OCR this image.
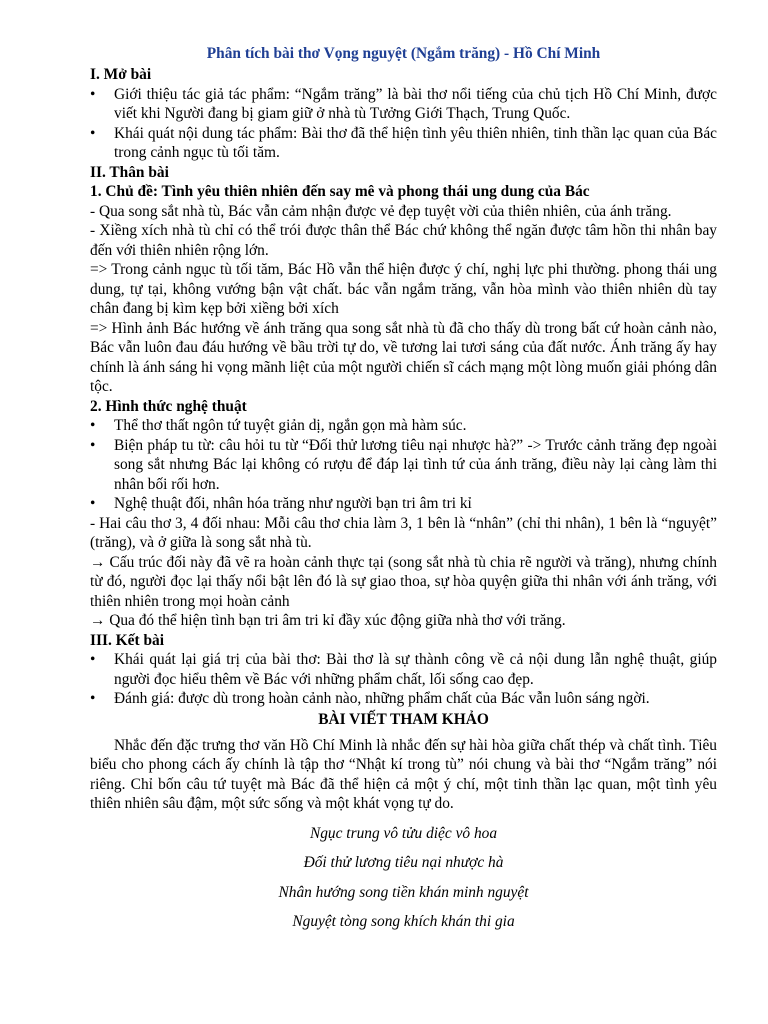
Phân tích bài thơ Vọng nguyệt (Ngắm trăng) - Hồ Chí Minh
I. Mở bài
• Giới thiệu tác giả tác phẩm: “Ngắm trăng” là bài thơ nổi tiếng của chủ tịch Hồ Chí Minh, được viết khi Người đang bị giam giữ ở nhà tù Tưởng Giới Thạch, Trung Quốc.
• Khái quát nội dung tác phẩm: Bài thơ đã thể hiện tình yêu thiên nhiên, tinh thần lạc quan của Bác trong cảnh ngục tù tối tăm.
II. Thân bài
1. Chủ đề: Tình yêu thiên nhiên đến say mê và phong thái ung dung của Bác

- Qua song sắt nhà tù, Bác vẫn cảm nhận được vẻ đẹp tuyệt vời của thiên nhiên, của ánh trăng.

- Xiềng xích nhà tù chỉ có thể trói được thân thể Bác chứ không thể ngăn được tâm hồn thi nhân bay đến với thiên nhiên rộng lớn.

=> Trong cảnh ngục tù tối tăm, Bác Hồ vẫn thể hiện được ý chí, nghị lực phi thường. phong thái ung dung, tự tại, không vướng bận vật chất. bác vẫn ngắm trăng, vẫn hòa mình vào thiên nhiên dù tay chân đang bị kìm kẹp bởi xiềng bởi xích

=> Hình ảnh Bác hướng về ánh trăng qua song sắt nhà tù đã cho thấy dù trong bất cứ hoàn cảnh nào, Bác vẫn luôn đau đáu hướng về bầu trời tự do, về tương lai tươi sáng của đất nước. Ánh trăng ấy hay chính là ánh sáng hi vọng mãnh liệt của một người chiến sĩ cách mạng một lòng muốn giải phóng dân tộc.

2. Hình thức nghệ thuật
• Thể thơ thất ngôn tứ tuyệt giản dị, ngắn gọn mà hàm súc.
• Biện pháp tu từ: câu hỏi tu từ “Đối thử lương tiêu nại nhược hà?” -> Trước cảnh trăng đẹp ngoài song sắt nhưng Bác lại không có rượu để đáp lại tình tứ của ánh trăng, điều này lại càng làm thi nhân bối rối hơn.
• Nghệ thuật đối, nhân hóa trăng như người bạn tri âm tri kỉ

- Hai câu thơ 3, 4 đối nhau: Mỗi câu thơ chia làm 3, 1 bên là “nhân” (chỉ thi nhân), 1 bên là “nguyệt” (trăng), và ở giữa là song sắt nhà tù.

→ Cấu trúc đối này đã vẽ ra hoàn cảnh thực tại (song sắt nhà tù chia rẽ người và trăng), nhưng chính từ đó, người đọc lại thấy nổi bật lên đó là sự giao thoa, sự hòa quyện giữa thi nhân với ánh trăng, với thiên nhiên trong mọi hoàn cảnh

→ Qua đó thể hiện tình bạn tri âm tri kỉ đầy xúc động giữa nhà thơ với trăng.

III. Kết bài
• Khái quát lại giá trị của bài thơ: Bài thơ là sự thành công về cả nội dung lẫn nghệ thuật, giúp người đọc hiểu thêm về Bác với những phẩm chất, lối sống cao đẹp.
• Đánh giá: được dù trong hoàn cảnh nào, những phẩm chất của Bác vẫn luôn sáng ngời.
BÀI VIẾT THAM KHẢO

Nhắc đến đặc trưng thơ văn Hồ Chí Minh là nhắc đến sự hài hòa giữa chất thép và chất tình. Tiêu biểu cho phong cách ấy chính là tập thơ “Nhật kí trong tù” nói chung và bài thơ “Ngắm trăng” nói riêng. Chỉ bốn câu tứ tuyệt mà Bác đã thể hiện cả một ý chí, một tinh thần lạc quan, một tình yêu thiên nhiên sâu đậm, một sức sống và một khát vọng tự do.

Ngục trung vô tửu diệc vô hoa
Đối thử lương tiêu nại nhược hà
Nhân hướng song tiền khán minh nguyệt
Nguyệt tòng song khích khán thi gia
